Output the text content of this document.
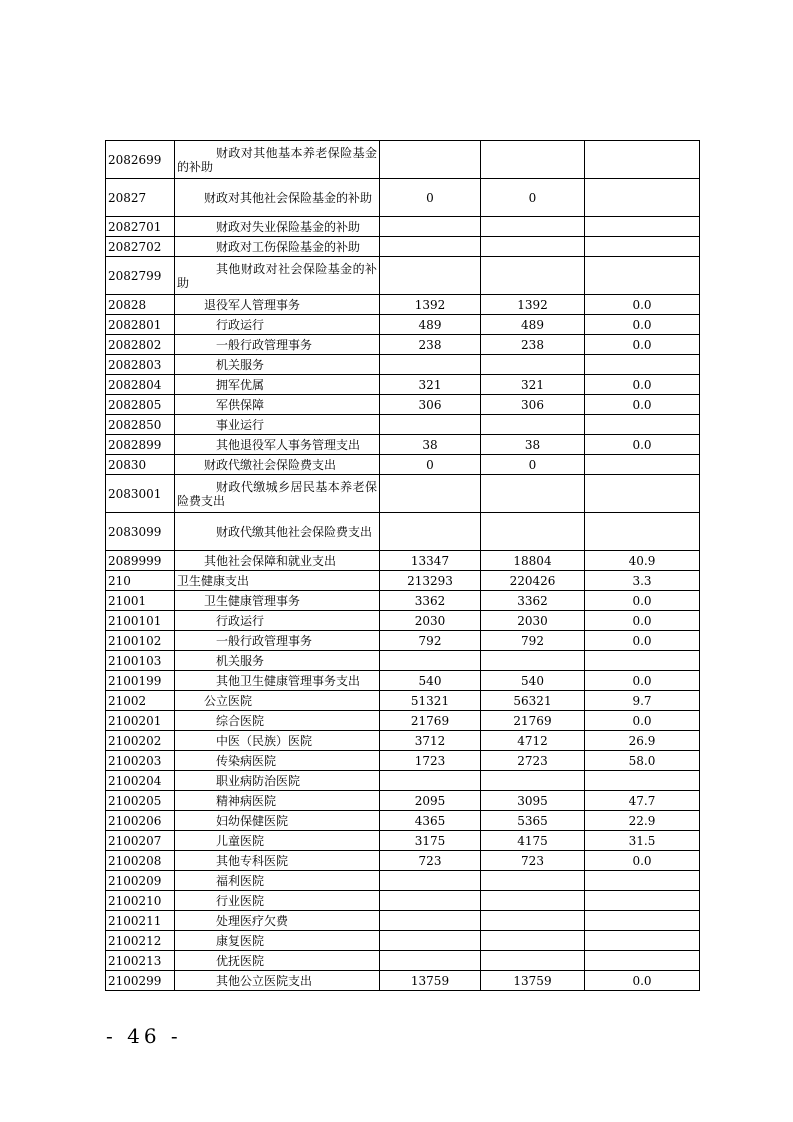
2082699	财政对其他基本养老保险基金的补助			

20827	财政对其他社会保险基金的补助	0	0	
2082701	财政对失业保险基金的补助			

2082702	财政对工伤保险基金的补助			

2082799	其他财政对社会保险基金的补助			

20828	退役军人管理事务	1392	1392	0.0
2082801	行政运行	489	489	0.0
2082802	一般行政管理事务	238	238	0.0
2082803	机关服务			

2082804	拥军优属	321	321	0.0
2082805	军供保障	306	306	0.0
2082850	事业运行			

2082899	其他退役军人事务管理支出	38	38	0.0
20830	财政代缴社会保险费支出	0	0	
2083001	财政代缴城乡居民基本养老保险费支出			

2083099	财政代缴其他社会保险费支出			

2089999	其他社会保障和就业支出	13347	18804	40.9
210	卫生健康支出	213293	220426	3.3
21001	卫生健康管理事务	3362	3362	0.0
2100101	行政运行	2030	2030	0.0
2100102	一般行政管理事务	792	792	0.0
2100103	机关服务			

2100199	其他卫生健康管理事务支出	540	540	0.0
21002	公立医院	51321	56321	9.7
2100201	综合医院	21769	21769	0.0
2100202	中医（民族）医院	3712	4712	26.9
2100203	传染病医院	1723	2723	58.0
2100204	职业病防治医院			

2100205	精神病医院	2095	3095	47.7
2100206	妇幼保健医院	4365	5365	22.9
2100207	儿童医院	3175	4175	31.5
2100208	其他专科医院	723	723	0.0
2100209	福利医院			

2100210	行业医院			

2100211	处理医疗欠费			

2100212	康复医院			

2100213	优抚医院			

2100299	其他公立医院支出	13759	13759	0.0
- 46 -
